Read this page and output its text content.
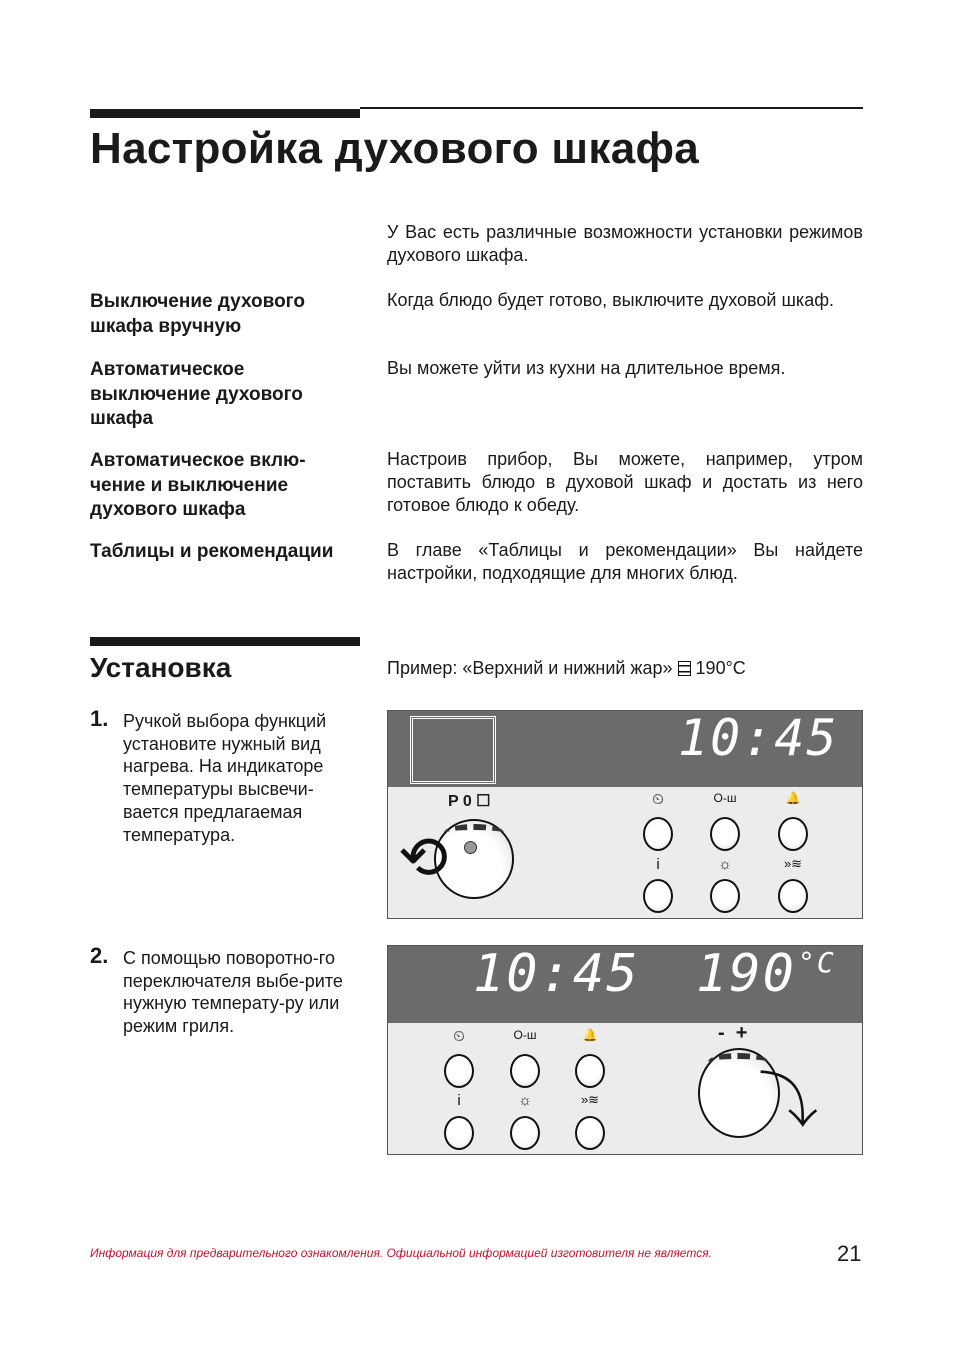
Настройка духового шкафа
У Вас есть различные возможности установки режимов духового шкафа.
Выключение духового шкафа вручную
Когда блюдо будет готово, выключите духовой шкаф.
Автоматическое выключение духового шкафа
Вы можете уйти из кухни на длительное время.
Автоматическое вклю-чение и выключение духового шкафа
Настроив прибор, Вы можете, например, утром поставить блюдо в духовой шкаф и достать из него готовое блюдо к обеду.
Таблицы и рекомендации	В главе «Таблицы и рекомендации» Вы найдете настройки, подходящие для многих блюд.
Установка	Пример: «Верхний и нижний жар» 190°C
1. Ручкой выбора функций установите нужный вид нагрева. На индикаторе температуры высвечи-вается предлагаемая температура.
2. С помощью поворотно-го переключателя выбе-рите нужную температу-ру или режим гриля.
10:45
P 0 ☐
⟲
⏲	О‑ш	🔔
i	☼	»≋
10:45 190 °C
-  +
⤵
⏲	О‑ш	🔔
i	☼	»≋
Информация для предварительного ознакомления. Официальной информацией изготовителя не является.	21
